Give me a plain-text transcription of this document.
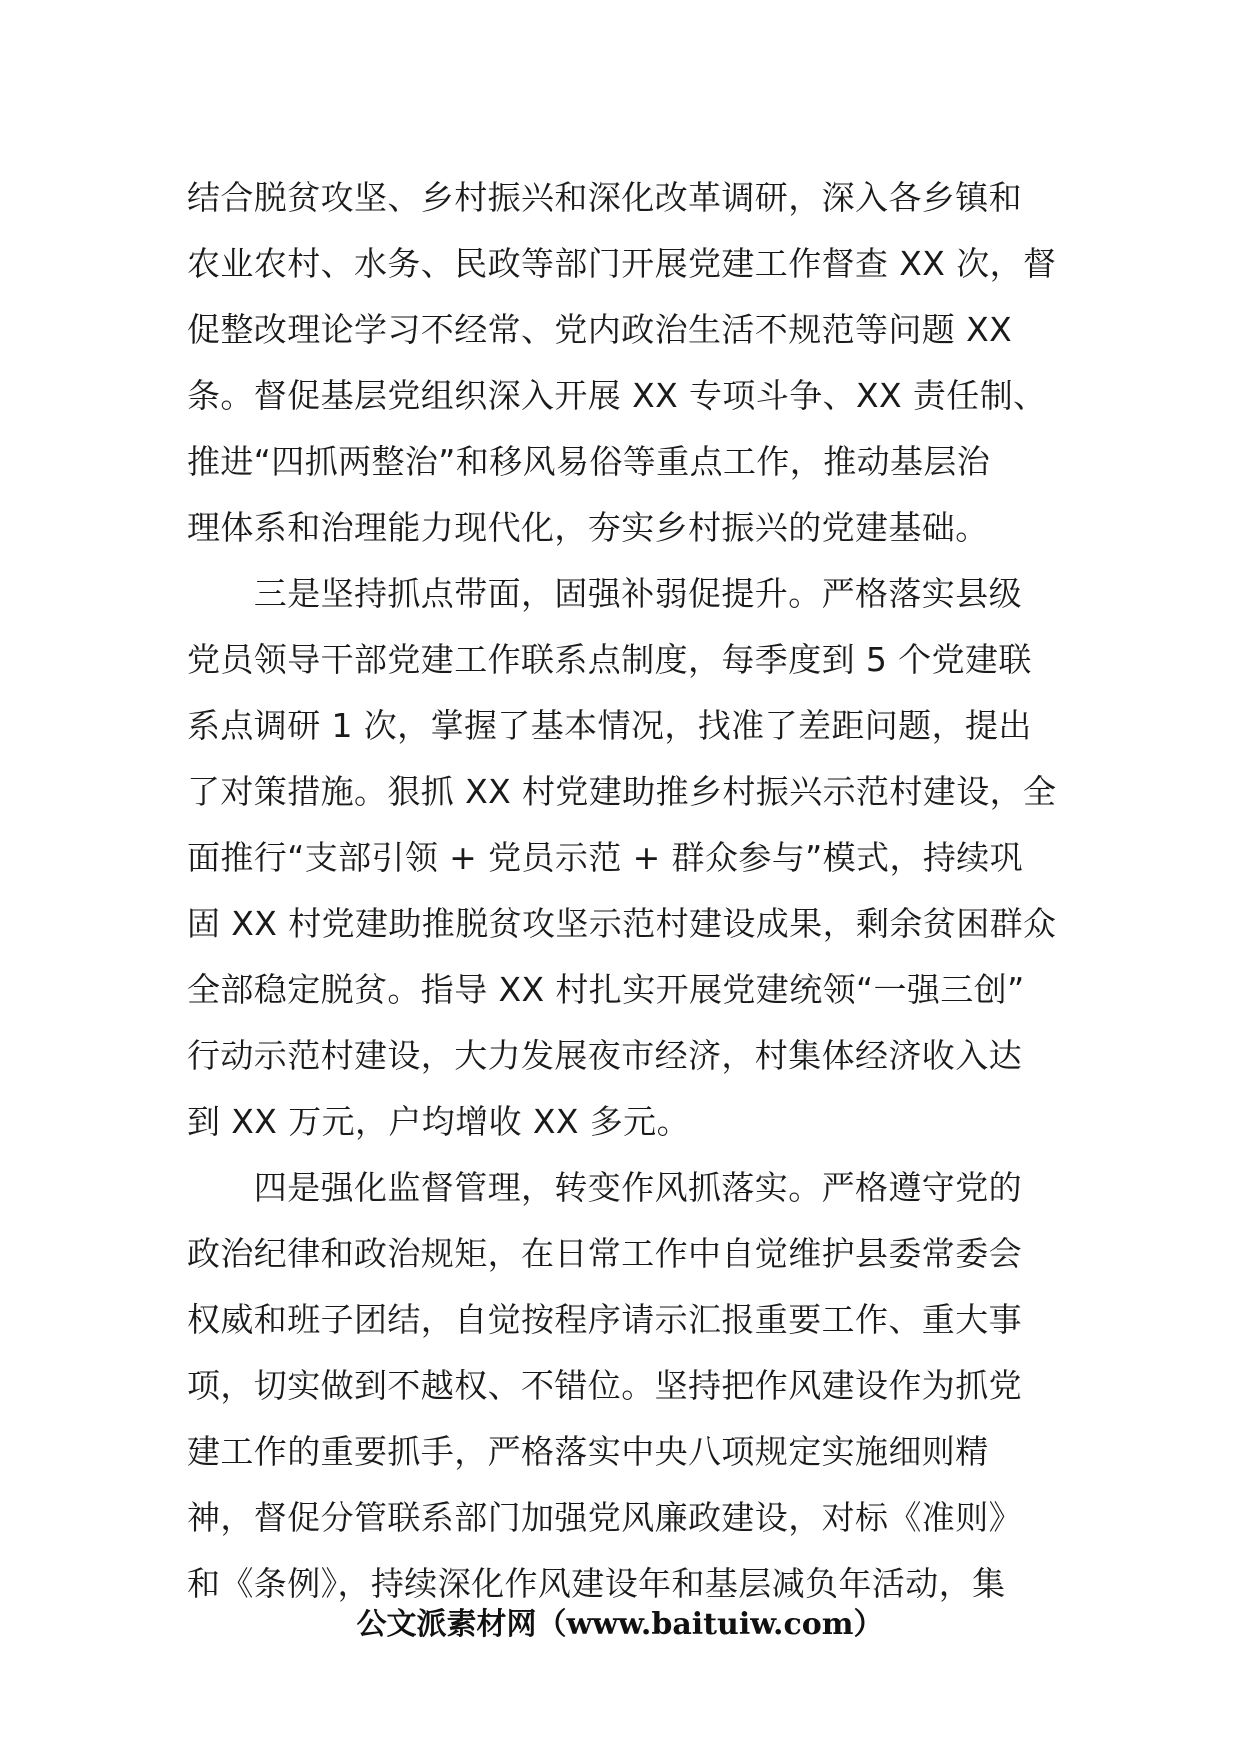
结合脱贫攻坚、乡村振兴和深化改革调研，深入各乡镇和
农业农村、水务、民政等部门开展党建工作督查 XX 次，督
促整改理论学习不经常、党内政治生活不规范等问题 XX
条。督促基层党组织深入开展 XX 专项斗争、XX 责任制、
推进“四抓两整治”和移风易俗等重点工作，推动基层治
理体系和治理能力现代化，夯实乡村振兴的党建基础。
　　三是坚持抓点带面，固强补弱促提升。严格落实县级
党员领导干部党建工作联系点制度，每季度到 5 个党建联
系点调研 1 次，掌握了基本情况，找准了差距问题，提出
了对策措施。狠抓 XX 村党建助推乡村振兴示范村建设，全
面推行“支部引领 + 党员示范 + 群众参与”模式，持续巩
固 XX 村党建助推脱贫攻坚示范村建设成果，剩余贫困群众
全部稳定脱贫。指导 XX 村扎实开展党建统领“一强三创”
行动示范村建设，大力发展夜市经济，村集体经济收入达
到 XX 万元，户均增收 XX 多元。
　　四是强化监督管理，转变作风抓落实。严格遵守党的
政治纪律和政治规矩，在日常工作中自觉维护县委常委会
权威和班子团结，自觉按程序请示汇报重要工作、重大事
项，切实做到不越权、不错位。坚持把作风建设作为抓党
建工作的重要抓手，严格落实中央八项规定实施细则精
神，督促分管联系部门加强党风廉政建设，对标《准则》
和《条例》，持续深化作风建设年和基层减负年活动，集
公文派素材网（www.baituiw.com）
